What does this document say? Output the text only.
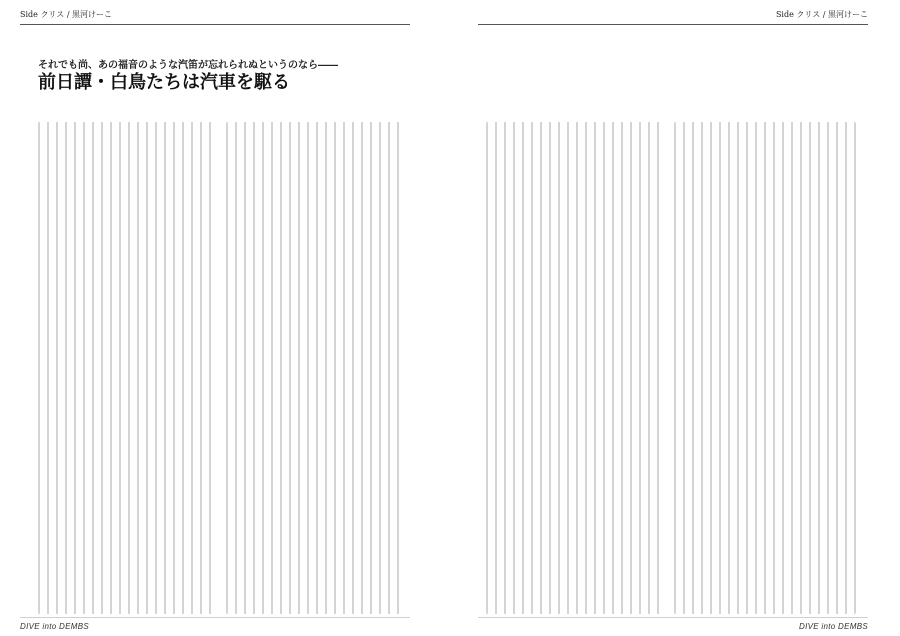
Side クリス / 黒河けーこ
それでも尚、あの福音のような汽笛が忘れられぬというのなら――
前日譚・白鳥たちは汽車を駆る
DIVE into DEMBS
Side クリス / 黒河けーこ
DIVE into DEMBS
